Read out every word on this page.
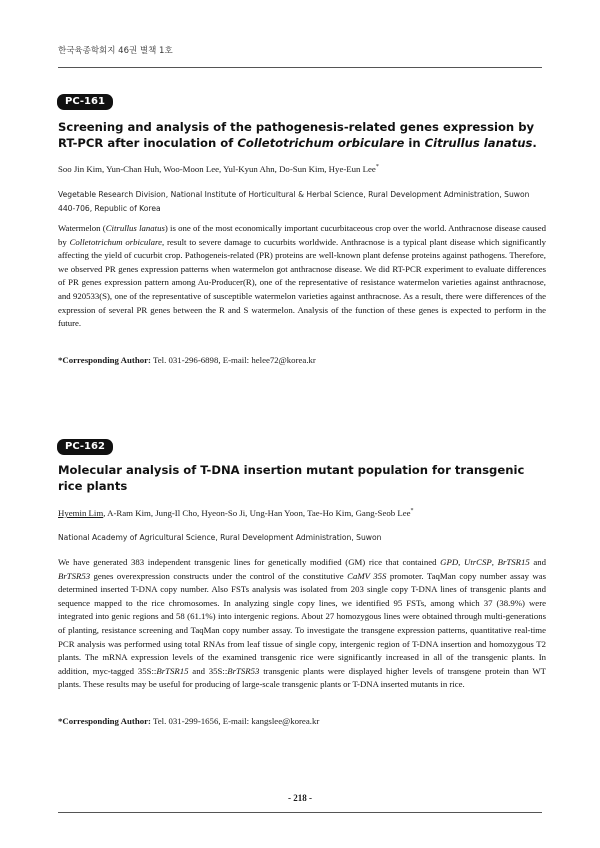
한국육종학회지 46권 별책 1호
PC-161
Screening and analysis of the pathogenesis-related genes expression by RT-PCR after inoculation of Colletotrichum orbiculare in Citrullus lanatus.
Soo Jin Kim, Yun-Chan Huh, Woo-Moon Lee, Yul-Kyun Ahn, Do-Sun Kim, Hye-Eun Lee*
Vegetable Research Division, National Institute of Horticultural & Herbal Science, Rural Development Administration, Suwon 440-706, Republic of Korea
Watermelon (Citrullus lanatus) is one of the most economically important cucurbitaceous crop over the world. Anthracnose disease caused by Colletotrichum orbiculare, result to severe damage to cucurbits worldwide. Anthracnose is a typical plant disease which significantly affecting the yield of cucurbit crop. Pathogeneis-related (PR) proteins are well-known plant defense proteins against pathogens. Therefore, we observed PR genes expression patterns when watermelon got anthracnose disease. We did RT-PCR experiment to evaluate differences of PR genes expression pattern among Au-Producer(R), one of the representative of resistance watermelon varieties against anthracnose, and 920533(S), one of the representative of susceptible watermelon varieties against anthracnose. As a result, there were differences of the expression of several PR genes between the R and S watermelon. Analysis of the function of these genes is expected to perform in the future.
*Corresponding Author: Tel. 031-296-6898, E-mail: helee72@korea.kr
PC-162
Molecular analysis of T-DNA insertion mutant population for transgenic rice plants
Hyemin Lim, A-Ram Kim, Jung-Il Cho, Hyeon-So Ji, Ung-Han Yoon, Tae-Ho Kim, Gang-Seob Lee*
National Academy of Agricultural Science, Rural Development Administration, Suwon
We have generated 383 independent transgenic lines for genetically modified (GM) rice that contained GPD, UtrCSP, BrTSR15 and BrTSR53 genes overexpression constructs under the control of the constitutive CaMV 35S promoter. TaqMan copy number assay was determined inserted T-DNA copy number. Also FSTs analysis was isolated from 203 single copy T-DNA lines of transgenic plants and sequence mapped to the rice chromosomes. In analyzing single copy lines, we identified 95 FSTs, among which 37 (38.9%) were integrated into genic regions and 58 (61.1%) into intergenic regions. About 27 homozygous lines were obtained through multi-generations of planting, resistance screening and TaqMan copy number assay. To investigate the transgene expression patterns, quantitative real-time PCR analysis was performed using total RNAs from leaf tissue of single copy, intergenic region of T-DNA insertion and homozygous T2 plants. The mRNA expression levels of the examined transgenic rice were significantly increased in all of the transgenic plants. In addition, myc-tagged 35S::BrTSR15 and 35S::BrTSR53 transgenic plants were displayed higher levels of transgene protein than WT plants. These results may be useful for producing of large-scale transgenic plants or T-DNA inserted mutants in rice.
*Corresponding Author: Tel. 031-299-1656, E-mail: kangslee@korea.kr
- 218 -
